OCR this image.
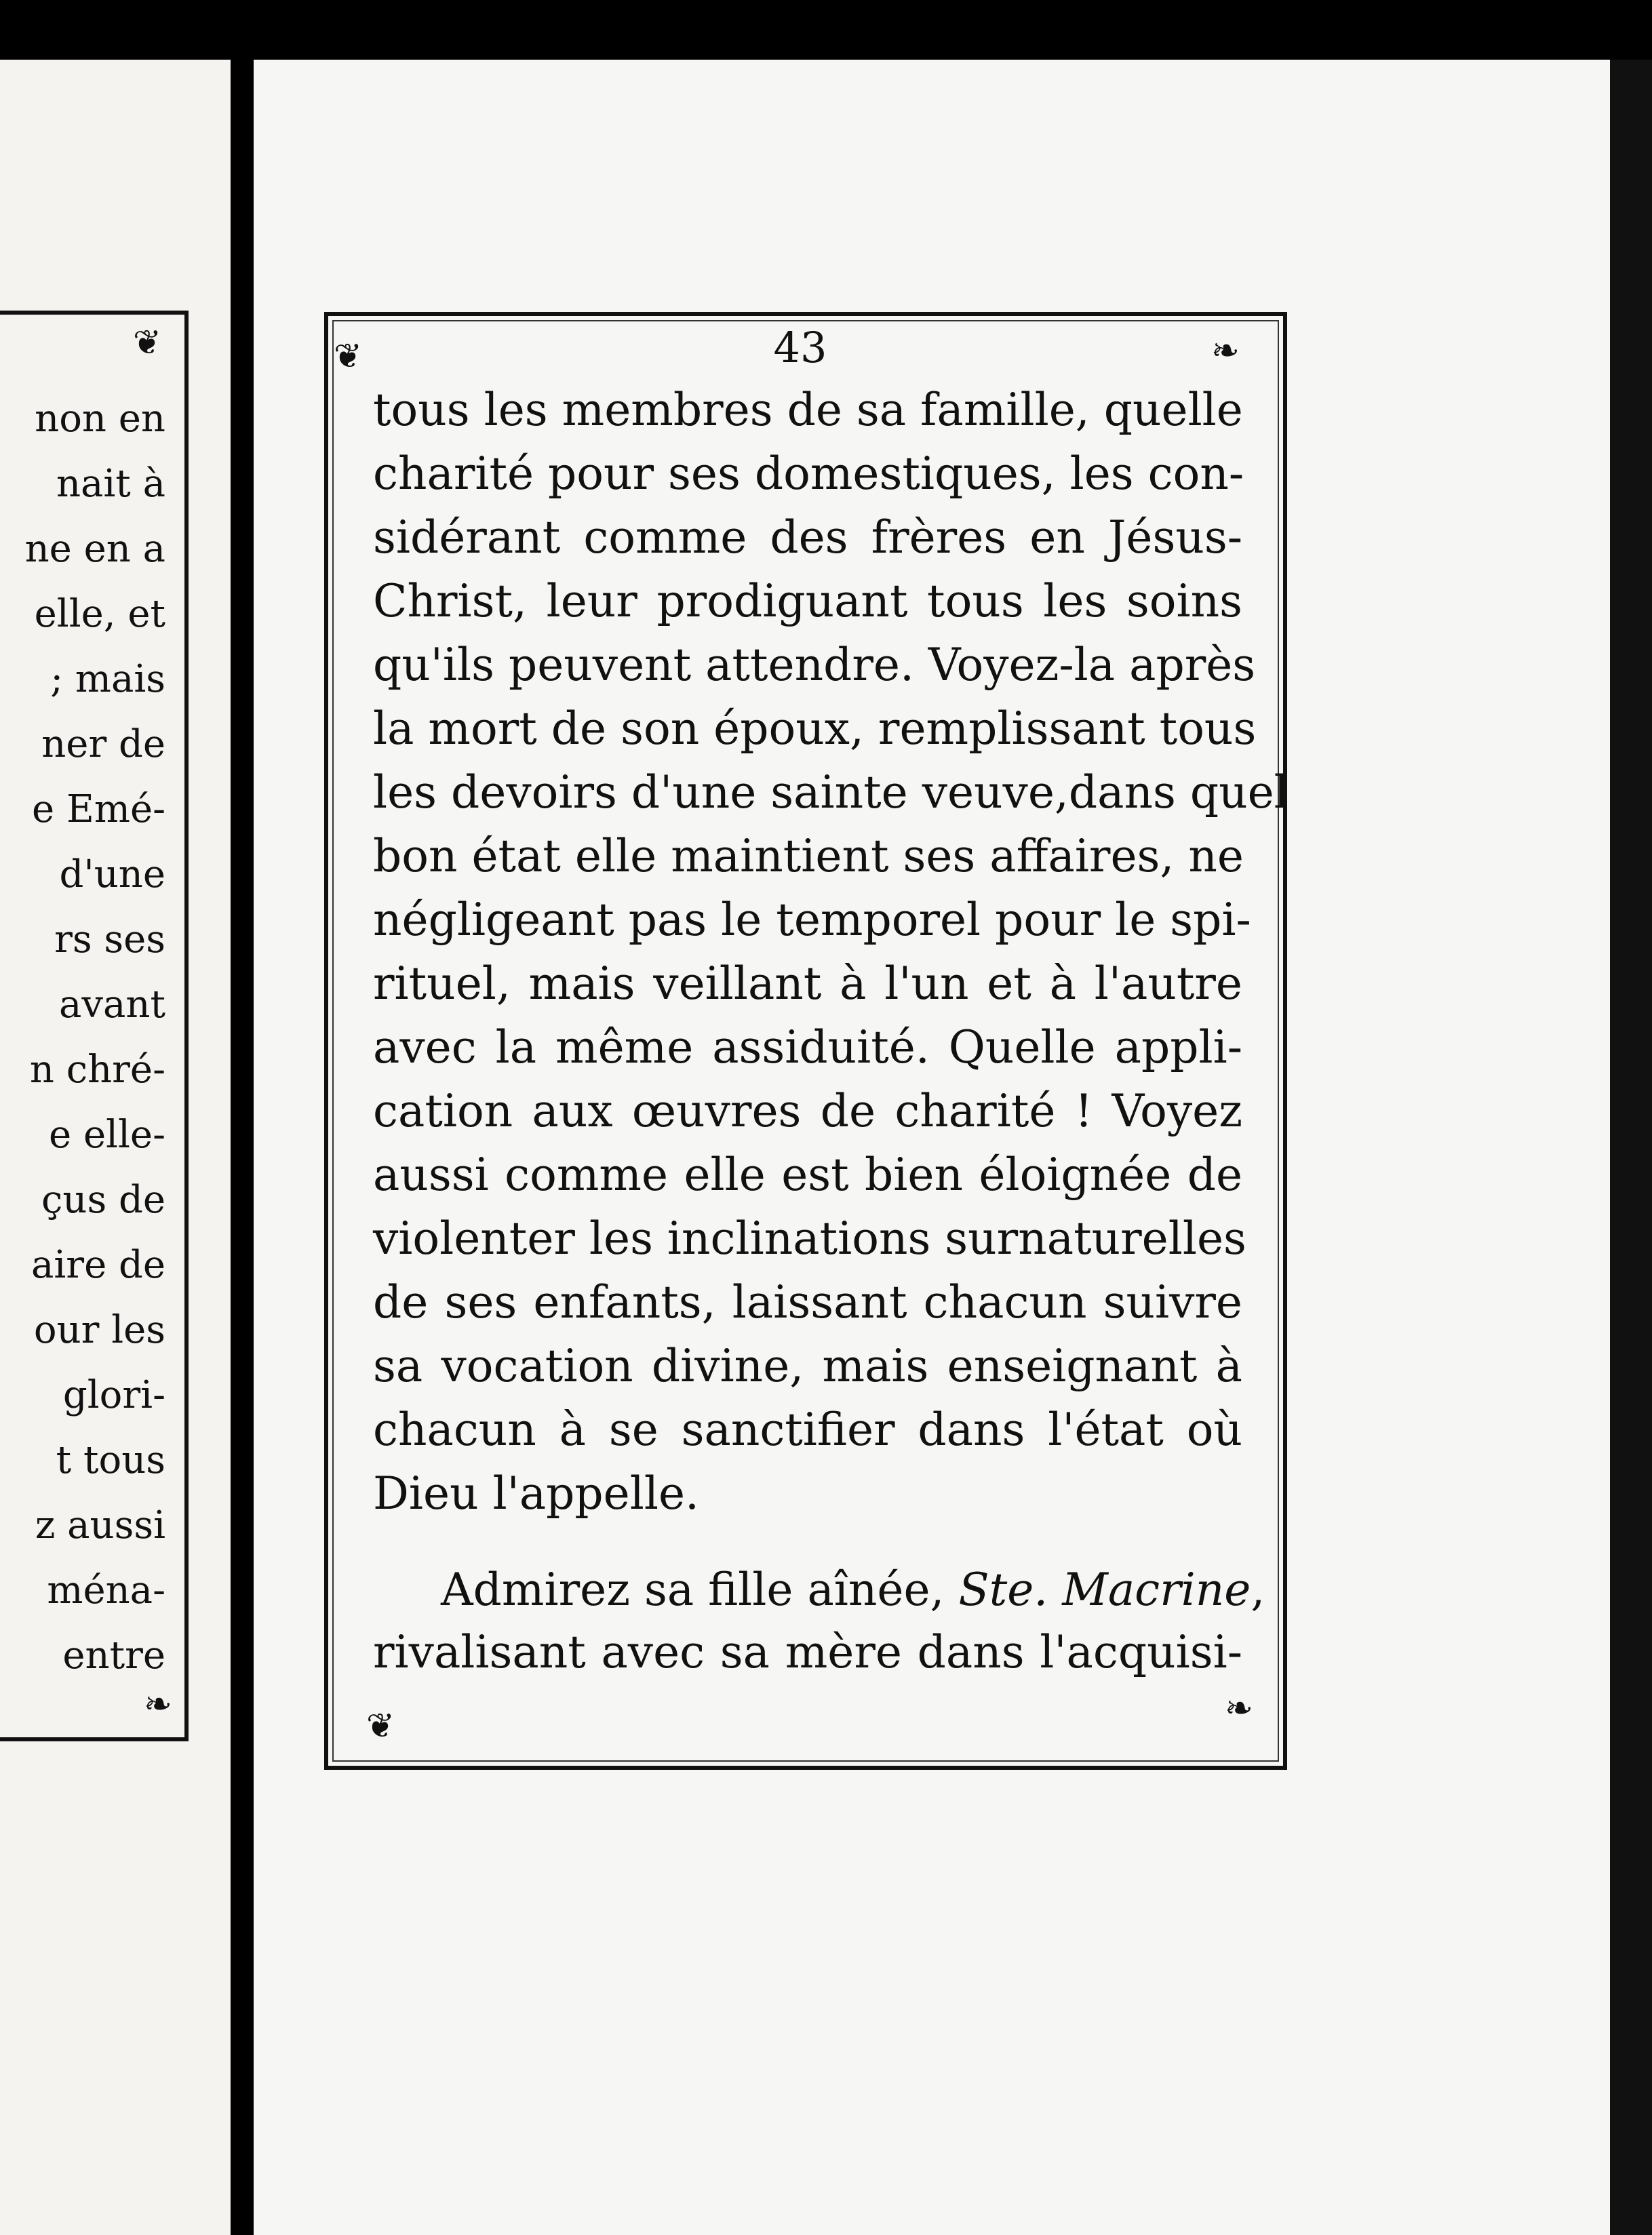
❦
❧
non en
nait à
ne en a
elle, et
; mais
ner de
e Emé-
d'une
rs ses
avant
n chré-
e elle-
çus de
aire de
our les
glori-
t tous
z aussi
ména-
entre
❦	❧
❦	❧
43
tous les membres de sa famille, quelle
charité pour ses domestiques, les con-
sidérant comme des frères en Jésus-
Christ, leur prodiguant tous les soins
qu'ils peuvent attendre. Voyez-la après
la mort de son époux, remplissant tous
les devoirs d'une sainte veuve,dans quel
bon état elle maintient ses affaires, ne
négligeant pas le temporel pour le spi-
rituel, mais veillant à l'un et à l'autre
avec la même assiduité. Quelle appli-
cation aux œuvres de charité ! Voyez
aussi comme elle est bien éloignée de
violenter les inclinations surnaturelles
de ses enfants, laissant chacun suivre
sa vocation divine, mais enseignant à
chacun à se sanctifier dans l'état où
Dieu l'appelle.
Admirez sa fille aînée, Ste. Macrine,
rivalisant avec sa mère dans l'acquisi-
